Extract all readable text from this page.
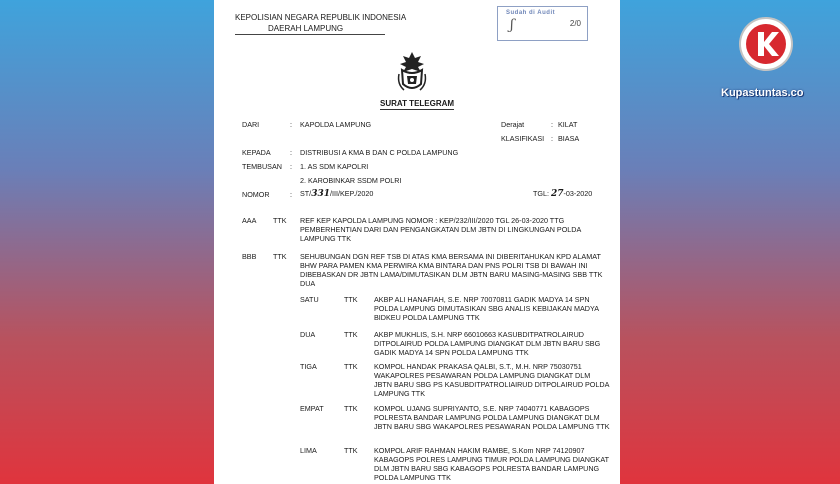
Kupastuntas.co
KEPOLISIAN NEGARA REPUBLIK INDONESIA
DAERAH LAMPUNG
Sudah di Audit
ʃ	2/0
SURAT TELEGRAM
DARI	: KAPOLDA LAMPUNG	Derajat	: KILAT
KLASIFIKASI : BIASA
KEPADA	: DISTRIBUSI A KMA B DAN C POLDA LAMPUNG
TEMBUSAN : 1. AS SDM KAPOLRI
2. KAROBINKAR SSDM POLRI
NOMOR	: ST/331/III/KEP./2020	TGL: 27-03-2020
AAA TTK REF KEP KAPOLDA LAMPUNG NOMOR : KEP/232/III/2020 TGL 26-03-2020 TTG PEMBERHENTIAN DARI DAN PENGANGKATAN DLM JBTN DI LINGKUNGAN POLDA LAMPUNG TTK
BBB TTK SEHUBUNGAN DGN REF TSB DI ATAS KMA BERSAMA INI DIBERITAHUKAN KPD ALAMAT BHW PARA PAMEN KMA PERWIRA KMA BINTARA DAN PNS POLRI TSB DI BAWAH INI DIBEBASKAN DR JBTN LAMA/DIMUTASIKAN DLM JBTN BARU MASING-MASING SBB TTK DUA
SATU	TTK AKBP ALI HANAFIAH, S.E. NRP 70070811 GADIK MADYA 14 SPN POLDA LAMPUNG DIMUTASIKAN SBG ANALIS KEBIJAKAN MADYA BIDKEU POLDA LAMPUNG TTK
DUA	TTK AKBP MUKHLIS, S.H. NRP 66010663 KASUBDITPATROLAIRUD DITPOLAIRUD POLDA LAMPUNG DIANGKAT DLM JBTN BARU SBG GADIK MADYA 14 SPN POLDA LAMPUNG TTK
TIGA	TTK KOMPOL HANDAK PRAKASA QALBI, S.T., M.H. NRP 75030751 WAKAPOLRES PESAWARAN POLDA LAMPUNG DIANGKAT DLM JBTN BARU SBG PS KASUBDITPATROLIAIRUD DITPOLAIRUD POLDA LAMPUNG TTK
EMPAT	TTK KOMPOL UJANG SUPRIYANTO, S.E. NRP 74040771 KABAGOPS POLRESTA BANDAR LAMPUNG POLDA LAMPUNG DIANGKAT DLM JBTN BARU SBG WAKAPOLRES PESAWARAN POLDA LAMPUNG TTK
LIMA	TTK KOMPOL ARIF RAHMAN HAKIM RAMBE, S.Kom NRP 74120907 KABAGOPS POLRES LAMPUNG TIMUR POLDA LAMPUNG DIANGKAT DLM JBTN BARU SBG KABAGOPS POLRESTA BANDAR LAMPUNG POLDA LAMPUNG TTK
